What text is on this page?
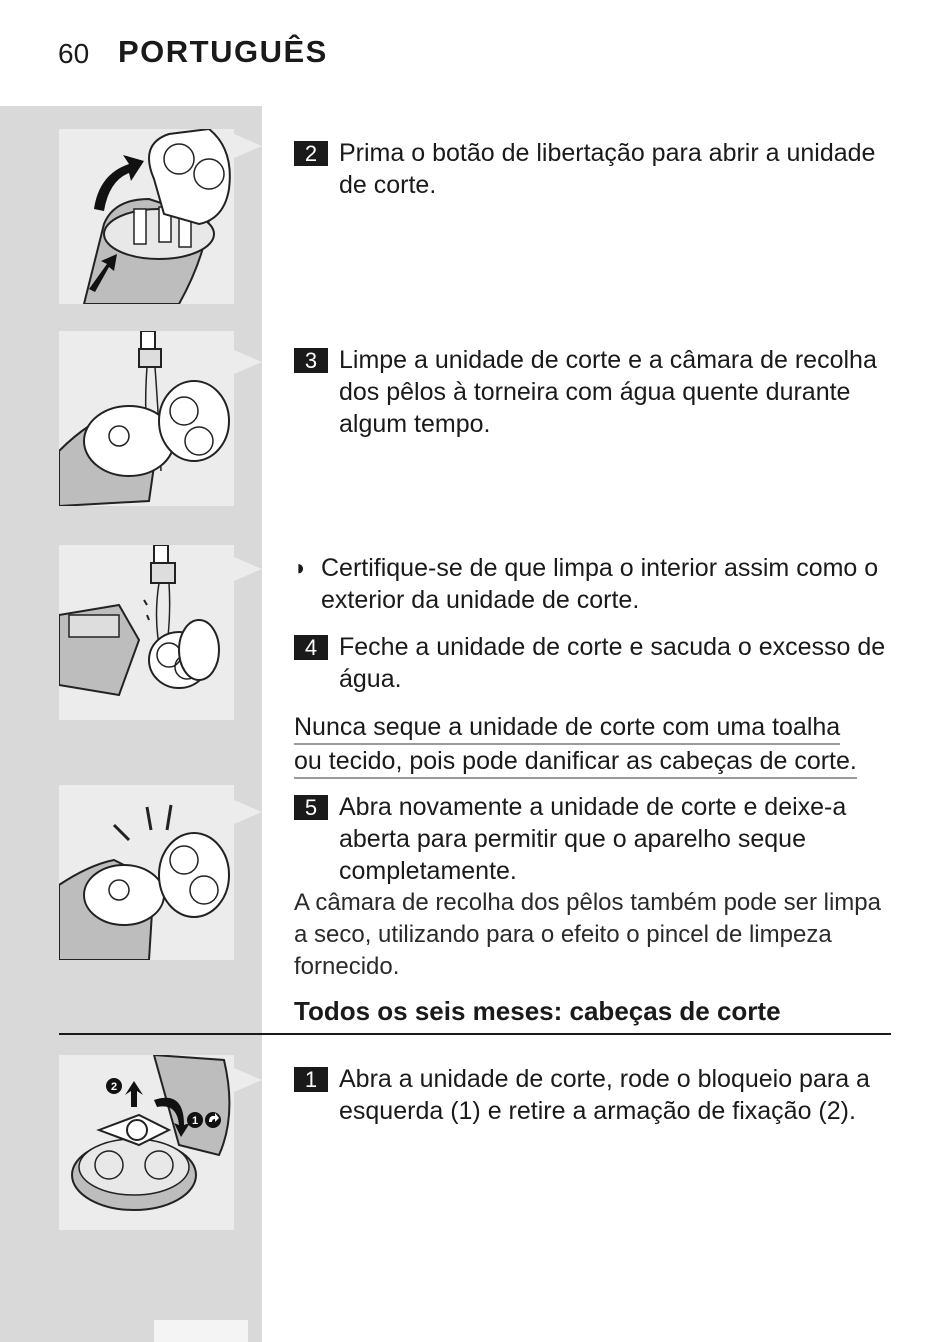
60 PORTUGUÊS
2
1
2 Prima o botão de libertação para abrir a unidade de corte.
3 Limpe a unidade de corte e a câmara de recolha dos pêlos à torneira com água quente durante algum tempo.
◗ Certifique-se de que limpa o interior assim como o exterior da unidade de corte.
4 Feche a unidade de corte e sacuda o excesso de água.
Nunca seque a unidade de corte com uma toalha
ou tecido, pois pode danificar as cabeças de corte.
5 Abra novamente a unidade de corte e deixe-a aberta para permitir que o aparelho seque completamente.
A câmara de recolha dos pêlos também pode ser limpa a seco, utilizando para o efeito o pincel de limpeza fornecido.
Todos os seis meses: cabeças de corte
1 Abra a unidade de corte, rode o bloqueio para a esquerda (1) e retire a armação de fixação (2).
